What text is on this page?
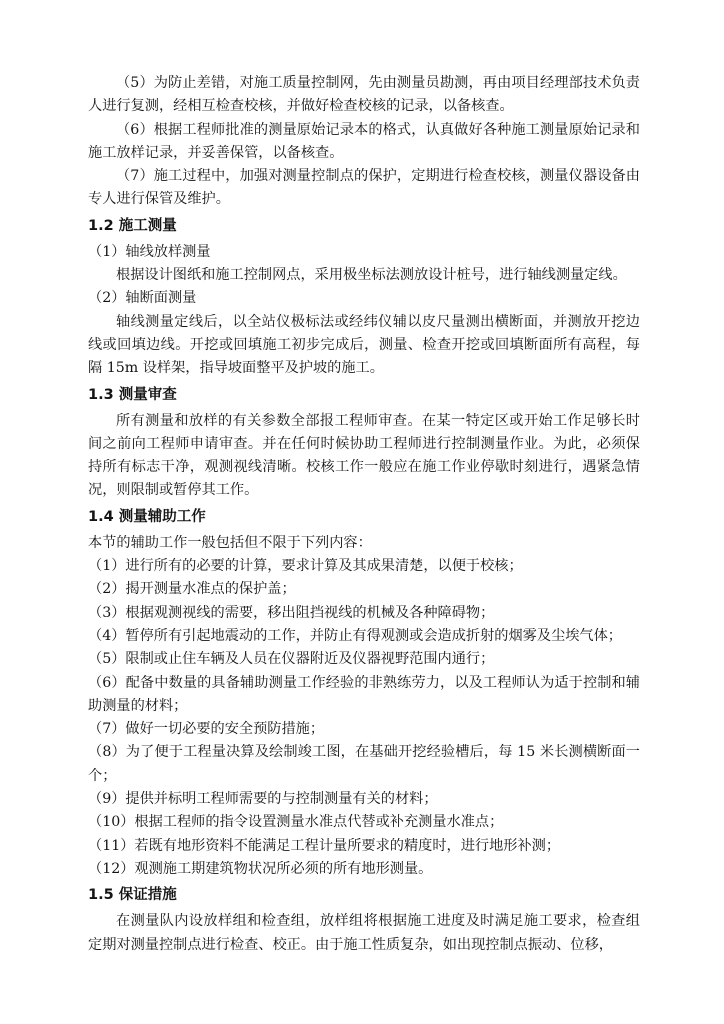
（5）为防止差错，对施工质量控制网，先由测量员勘测，再由项目经理部技术负责人进行复测，经相互检查校核，并做好检查校核的记录，以备核查。

（6）根据工程师批准的测量原始记录本的格式，认真做好各种施工测量原始记录和施工放样记录，并妥善保管，以备核查。

（7）施工过程中，加强对测量控制点的保护，定期进行检查校核，测量仪器设备由专人进行保管及维护。

1.2 施工测量

（1）轴线放样测量

根据设计图纸和施工控制网点，采用极坐标法测放设计桩号，进行轴线测量定线。

（2）轴断面测量

轴线测量定线后，以全站仪极标法或经纬仪辅以皮尺量测出横断面，并测放开挖边线或回填边线。开挖或回填施工初步完成后，测量、检查开挖或回填断面所有高程，每隔 15m 设样架，指导坡面整平及护坡的施工。

1.3 测量审查

所有测量和放样的有关参数全部报工程师审查。在某一特定区或开始工作足够长时间之前向工程师申请审查。并在任何时候协助工程师进行控制测量作业。为此，必须保持所有标志干净，观测视线清晰。校核工作一般应在施工作业停歇时刻进行，遇紧急情况，则限制或暂停其工作。

1.4 测量辅助工作

本节的辅助工作一般包括但不限于下列内容：

（1）进行所有的必要的计算，要求计算及其成果清楚，以便于校核；

（2）揭开测量水准点的保护盖；

（3）根据观测视线的需要，移出阻挡视线的机械及各种障碍物；

（4）暂停所有引起地震动的工作，并防止有得观测或会造成折射的烟雾及尘埃气体；

（5）限制或止住车辆及人员在仪器附近及仪器视野范围内通行；

（6）配备中数量的具备辅助测量工作经验的非熟练劳力，以及工程师认为适于控制和辅助测量的材料；

（7）做好一切必要的安全预防措施；

（8）为了便于工程量决算及绘制竣工图，在基础开挖经验槽后，每 15 米长测横断面一个；

（9）提供并标明工程师需要的与控制测量有关的材料；

（10）根据工程师的指令设置测量水准点代替或补充测量水准点；

（11）若既有地形资料不能满足工程计量所要求的精度时，进行地形补测；

（12）观测施工期建筑物状况所必须的所有地形测量。

1.5 保证措施

在测量队内设放样组和检查组，放样组将根据施工进度及时满足施工要求，检查组定期对测量控制点进行检查、校正。由于施工性质复杂，如出现控制点振动、位移，
